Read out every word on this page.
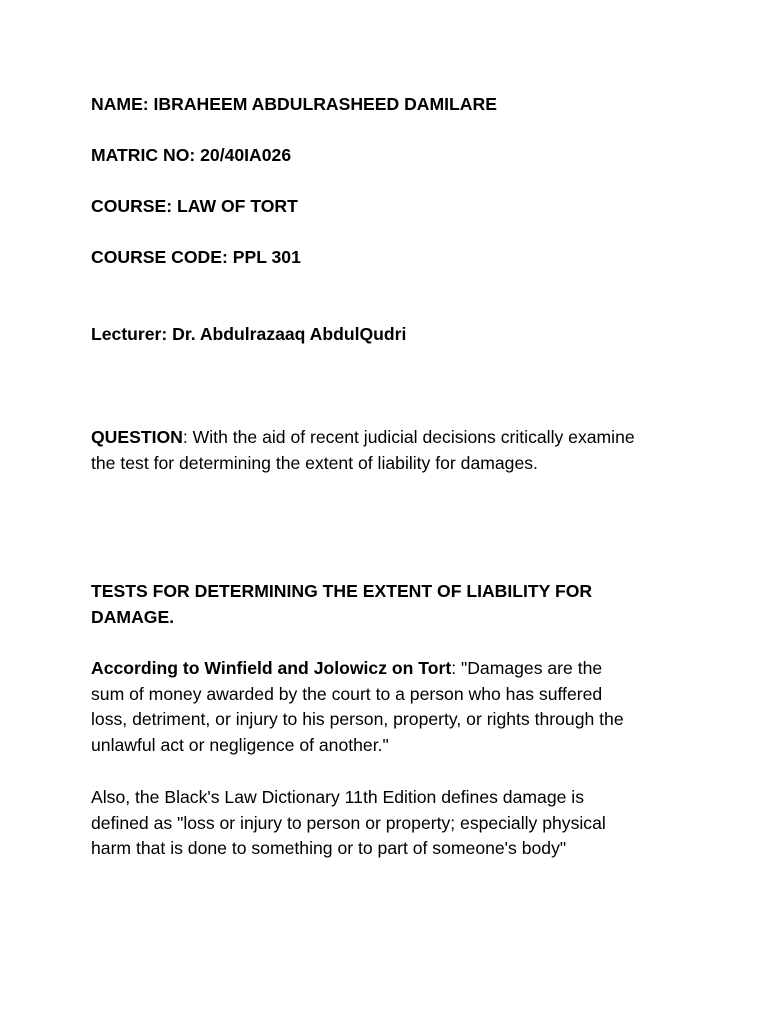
NAME: IBRAHEEM ABDULRASHEED DAMILARE

MATRIC NO: 20/40IA026

COURSE: LAW OF TORT

COURSE CODE: PPL 301

Lecturer: Dr. Abdulrazaaq AbdulQudri

QUESTION: With the aid of recent judicial decisions critically examine
the test for determining the extent of liability for damages.
TESTS FOR DETERMINING THE EXTENT OF LIABILITY FOR
DAMAGE.
According to Winfield and Jolowicz on Tort: "Damages are the
sum of money awarded by the court to a person who has suffered
loss, detriment, or injury to his person, property, or rights through the
unlawful act or negligence of another."
Also, the Black's Law Dictionary 11th Edition defines damage is
defined as "loss or injury to person or property; especially physical
harm that is done to something or to part of someone's body"
